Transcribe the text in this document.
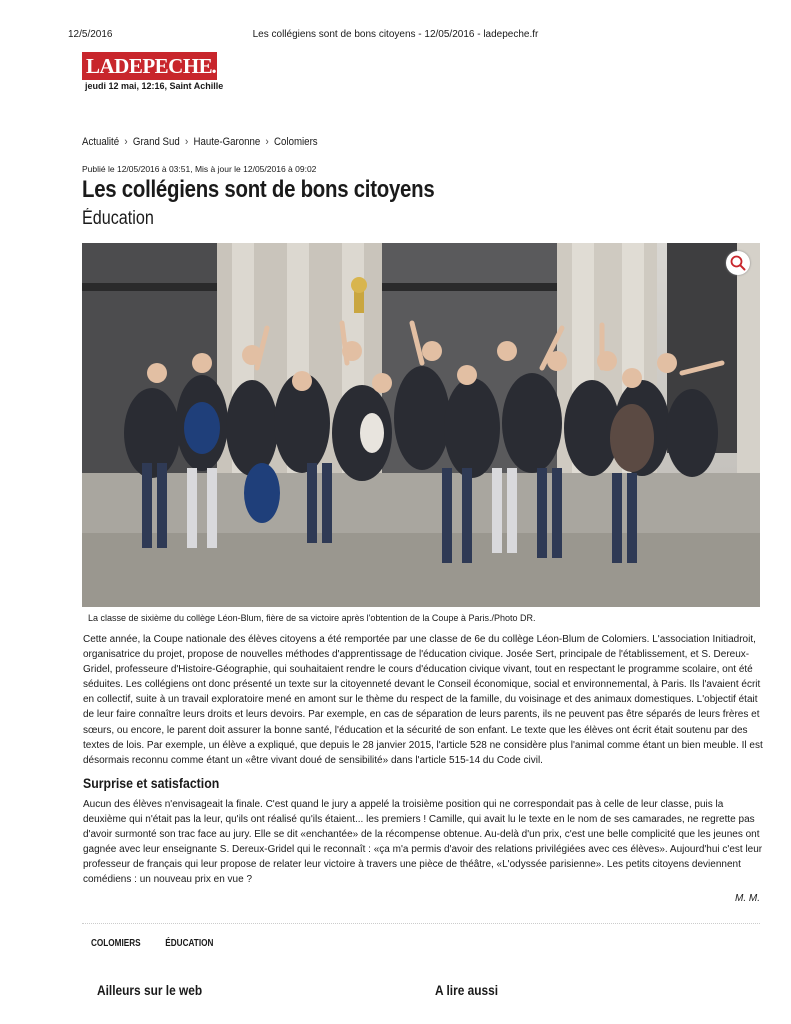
12/5/2016	Les collégiens sont de bons citoyens - 12/05/2016 - ladepeche.fr
LADEPECHE.fr
jeudi 12 mai, 12:16, Saint Achille
Actualité › Grand Sud › Haute-Garonne › Colomiers
Publié le 12/05/2016 à 03:51, Mis à jour le 12/05/2016 à 09:02
Les collégiens sont de bons citoyens
Éducation
La classe de sixième du collège Léon-Blum, fière de sa victoire après l'obtention de la Coupe à Paris./Photo DR.

Cette année, la Coupe nationale des élèves citoyens a été remportée par une classe de 6e du collège Léon-Blum de Colomiers. L'association Initiadroit, organisatrice du projet, propose de nouvelles méthodes d'apprentissage de l'éducation civique. Josée Sert, principale de l'établissement, et S. Dereux-Gridel, professeure d'Histoire-Géographie, qui souhaitaient rendre le cours d'éducation civique vivant, tout en respectant le programme scolaire, ont été séduites. Les collégiens ont donc présenté un texte sur la citoyenneté devant le Conseil économique, social et environnemental, à Paris. Ils l'avaient écrit en collectif, suite à un travail exploratoire mené en amont sur le thème du respect de la famille, du voisinage et des animaux domestiques. L'objectif était de leur faire connaître leurs droits et leurs devoirs. Par exemple, en cas de séparation de leurs parents, ils ne peuvent pas être séparés de leurs frères et sœurs, ou encore, le parent doit assurer la bonne santé, l'éducation et la sécurité de son enfant. Le texte que les élèves ont écrit était soutenu par des textes de lois. Par exemple, un élève a expliqué, que depuis le 28 janvier 2015, l'article 528 ne considère plus l'animal comme étant un bien meuble. Il est désormais reconnu comme étant un «être vivant doué de sensibilité» dans l'article 515-14 du Code civil.

Surprise et satisfaction

Aucun des élèves n'envisageait la finale. C'est quand le jury a appelé la troisième position qui ne correspondait pas à celle de leur classe, puis la deuxième qui n'était pas la leur, qu'ils ont réalisé qu'ils étaient... les premiers ! Camille, qui avait lu le texte en le nom de ses camarades, ne regrette pas d'avoir surmonté son trac face au jury. Elle se dit «enchantée» de la récompense obtenue. Au-delà d'un prix, c'est une belle complicité que les jeunes ont gagnée avec leur enseignante S. Dereux-Gridel qui le reconnaît : «ça m'a permis d'avoir des relations privilégiées avec ces élèves». Aujourd'hui c'est leur professeur de français qui leur propose de relater leur victoire à travers une pièce de théâtre, «L'odyssée parisienne». Les petits citoyens deviennent comédiens : un nouveau prix en vue ?

M. M.
COLOMIERS ÉDUCATION
Ailleurs sur le web	A lire aussi
